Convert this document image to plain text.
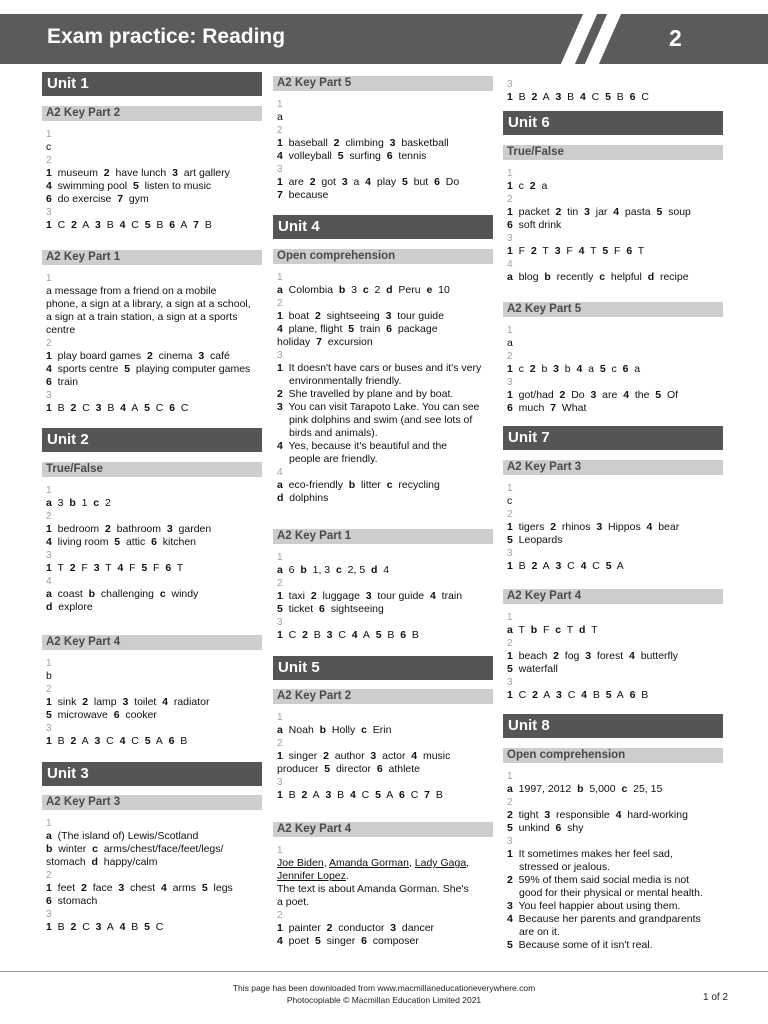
Exam practice: Reading	2
Unit 1
A2 Key Part 2
1
c
2
1  museum  2  have lunch  3  art gallery
4  swimming pool  5  listen to music
6  do exercise  7  gym
3
1  C  2  A  3  B  4  C  5  B  6  A  7  B
A2 Key Part 1
1
a message from a friend on a mobile
phone, a sign at a library, a sign at a school,
a sign at a train station, a sign at a sports
centre
2
1  play board games  2  cinema  3  café
4  sports centre  5  playing computer games
6  train
3
1  B  2  C  3  B  4  A  5  C  6  C
Unit 2
True/False
1
a  3  b  1  c  2
2
1  bedroom  2  bathroom  3  garden
4  living room  5  attic  6  kitchen
3
1  T  2  F  3  T  4  F  5  F  6  T
4
a  coast  b  challenging  c  windy
d  explore
A2 Key Part 4
1
b
2
1  sink  2  lamp  3  toilet  4  radiator
5  microwave  6  cooker
3
1  B  2  A  3  C  4  C  5  A  6  B
Unit 3
A2 Key Part 3
1
a  (The island of) Lewis/Scotland
b  winter  c  arms/chest/face/feet/legs/
stomach  d  happy/calm
2
1  feet  2  face  3  chest  4  arms  5  legs
6  stomach
3
1  B  2  C  3  A  4  B  5  C
A2 Key Part 5
1
a
2
1  baseball  2  climbing  3  basketball
4  volleyball  5  surfing  6  tennis
3
1  are  2  got  3  a  4  play  5  but  6  Do
7  because
Unit 4
Open comprehension
1
a  Colombia  b  3  c  2  d  Peru  e  10
2
1  boat  2  sightseeing  3  tour guide
4  plane, flight  5  train  6  package
holiday  7  excursion
3
1  It doesn't have cars or buses and it's very
environmentally friendly.
2  She travelled by plane and by boat.
3  You can visit Tarapoto Lake. You can see
pink dolphins and swim (and see lots of
birds and animals).
4  Yes, because it's beautiful and the
people are friendly.
4
a  eco-friendly  b  litter  c  recycling
d  dolphins
A2 Key Part 1
1
a  6  b  1, 3  c  2, 5  d  4
2
1  taxi  2  luggage  3  tour guide  4  train
5  ticket  6  sightseeing
3
1  C  2  B  3  C  4  A  5  B  6  B
Unit 5
A2 Key Part 2
1
a  Noah  b  Holly  c  Erin
2
1  singer  2  author  3  actor  4  music
producer  5  director  6  athlete
3
1  B  2  A  3  B  4  C  5  A  6  C  7  B
A2 Key Part 4
1
Joe Biden, Amanda Gorman, Lady Gaga,
Jennifer Lopez.
The text is about Amanda Gorman. She's
a poet.
2
1  painter  2  conductor  3  dancer
4  poet  5  singer  6  composer
3
1  B  2  A  3  B  4  C  5  B  6  C
Unit 6
True/False
1
1  c  2  a
2
1  packet  2  tin  3  jar  4  pasta  5  soup
6  soft drink
3
1  F  2  T  3  F  4  T  5  F  6  T
4
a  blog  b  recently  c  helpful  d  recipe
A2 Key Part 5
1
a
2
1  c  2  b  3  b  4  a  5  c  6  a
3
1  got/had  2  Do  3  are  4  the  5  Of
6  much  7  What
Unit 7
A2 Key Part 3
1
c
2
1  tigers  2  rhinos  3  Hippos  4  bear
5  Leopards
3
1  B  2  A  3  C  4  C  5  A
A2 Key Part 4
1
a  T  b  F  c  T  d  T
2
1  beach  2  fog  3  forest  4  butterfly
5  waterfall
3
1  C  2  A  3  C  4  B  5  A  6  B
Unit 8
Open comprehension
1
a  1997, 2012  b  5,000  c  25, 15
2
2  tight  3  responsible  4  hard-working
5  unkind  6  shy
3
1  It sometimes makes her feel sad,
stressed or jealous.
2  59% of them said social media is not
good for their physical or mental health.
3  You feel happier about using them.
4  Because her parents and grandparents
are on it.
5  Because some of it isn't real.
This page has been downloaded from www.macmillaneducationeverywhere.com
Photocopiable © Macmillan Education Limited 2021	1 of 2
